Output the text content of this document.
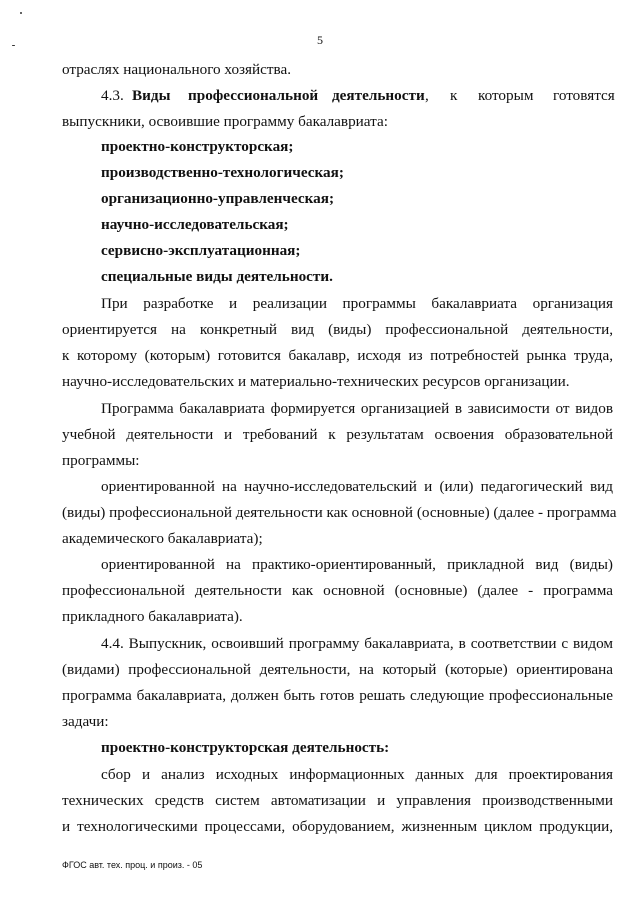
5
отраслях национального хозяйства.
4.3. Виды профессиональной деятельности , к которым готовятся
выпускники, освоившие программу бакалавриата:
проектно-конструкторская;
производственно-технологическая;
организационно-управленческая;
научно-исследовательская;
сервисно-эксплуатационная;
специальные виды деятельности.
При разработке и реализации программы бакалавриата организация
ориентируется на конкретный вид (виды) профессиональной деятельности,
к которому (которым) готовится бакалавр, исходя из потребностей рынка труда,
научно-исследовательских и материально-технических ресурсов организации.
Программа бакалавриата формируется организацией в зависимости от видов
учебной деятельности и требований к результатам освоения образовательной
программы:
ориентированной на научно-исследовательский и (или) педагогический вид
(виды) профессиональной деятельности как основной (основные) (далее - программа
академического бакалавриата);
ориентированной на практико-ориентированный, прикладной вид (виды)
профессиональной деятельности как основной (основные) (далее - программа
прикладного бакалавриата).
4.4. Выпускник, освоивший программу бакалавриата, в соответствии с видом
(видами) профессиональной деятельности, на который (которые) ориентирована
программа бакалавриата, должен быть готов решать следующие профессиональные
задачи:
проектно-конструкторская деятельность:
сбор и анализ исходных информационных данных для проектирования
технических средств систем автоматизации и управления производственными
и технологическими процессами, оборудованием, жизненным циклом продукции,
ФГОС авт. тех. проц. и произ. - 05
